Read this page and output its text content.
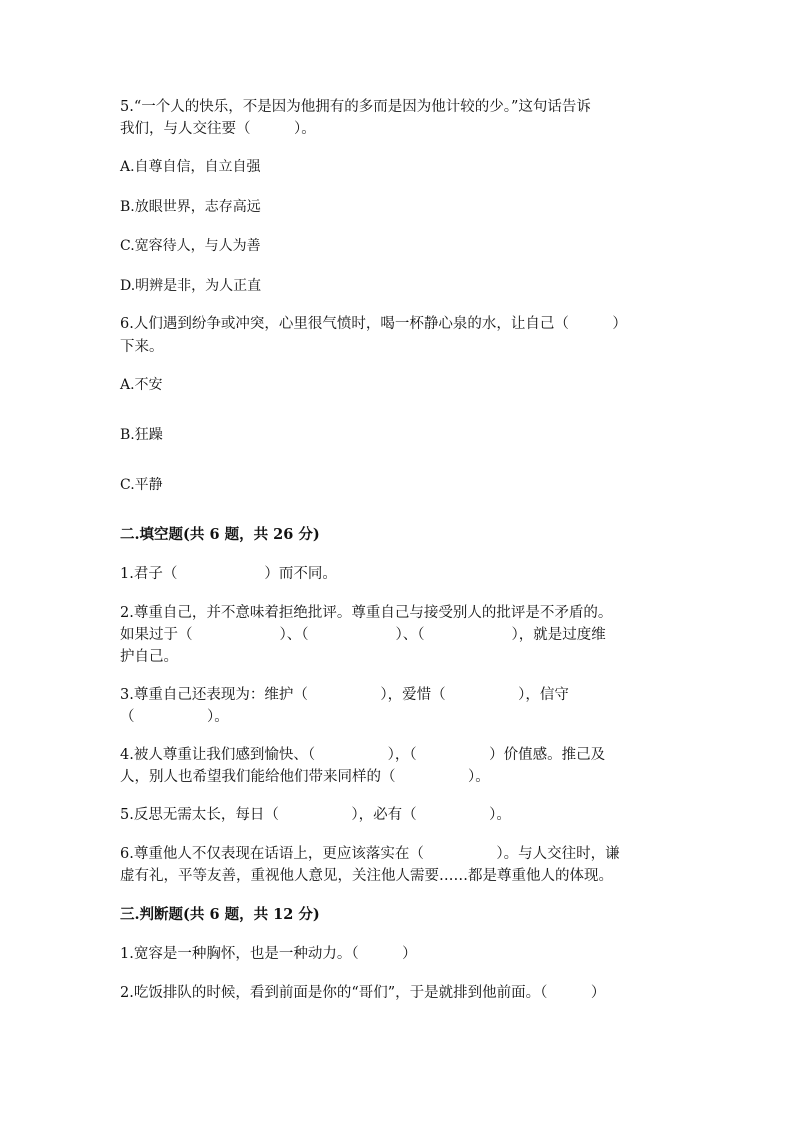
5.“一个人的快乐，不是因为他拥有的多而是因为他计较的少。”这句话告诉

我们，与人交往要（　　　）。

A.自尊自信，自立自强

B.放眼世界，志存高远

C.宽容待人，与人为善

D.明辨是非，为人正直

6.人们遇到纷争或冲突，心里很气愤时，喝一杯静心泉的水，让自己（　　　）

下来。

A.不安

B.狂躁

C.平静

二.填空题(共 6 题，共 26 分)

1.君子（　　　　　　）而不同。

2.尊重自己，并不意味着拒绝批评。尊重自己与接受别人的批评是不矛盾的。

如果过于（　　　　　　）、（　　　　　　）、（　　　　　　），就是过度维

护自己。

3.尊重自己还表现为：维护（　　　　　），爱惜（　　　　　），信守

（　　　　　）。

4.被人尊重让我们感到愉快、（　　　　　），（　　　　　）价值感。推己及

人，别人也希望我们能给他们带来同样的（　　　　　）。

5.反思无需太长，每日（　　　　　），必有（　　　　　）。

6.尊重他人不仅表现在话语上，更应该落实在（　　　　　）。与人交往时，谦

虚有礼，平等友善，重视他人意见，关注他人需要……都是尊重他人的体现。

三.判断题(共 6 题，共 12 分)

1.宽容是一种胸怀，也是一种动力。（　　　）

2.吃饭排队的时候，看到前面是你的“哥们”，于是就排到他前面。（　　　）
